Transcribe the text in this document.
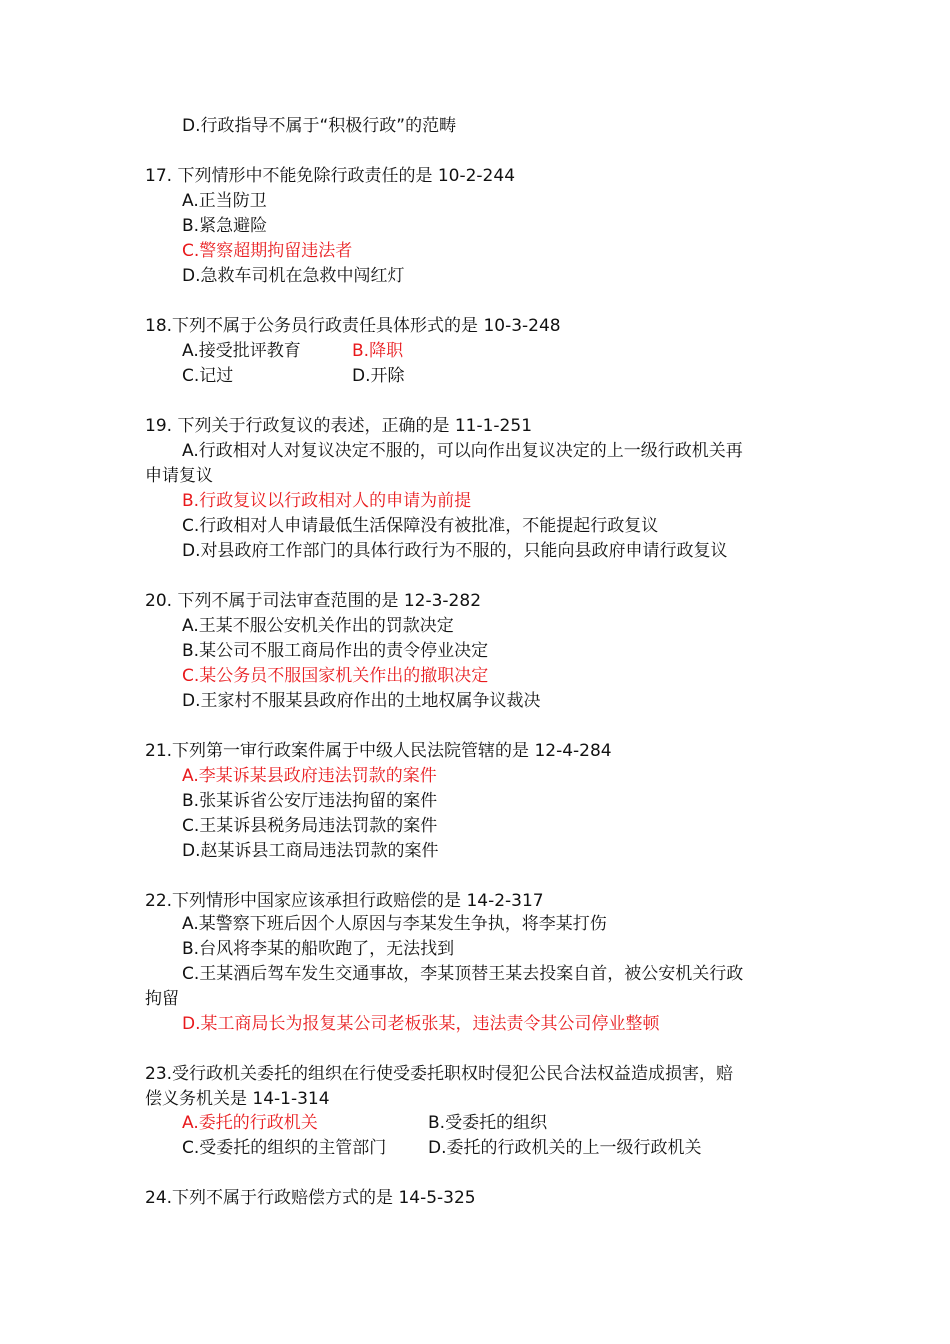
D.行政指导不属于“积极行政”的范畴
17. 下列情形中不能免除行政责任的是 10-2-244
A.正当防卫
B.紧急避险
C.警察超期拘留违法者
D.急救车司机在急救中闯红灯
18.下列不属于公务员行政责任具体形式的是 10-3-248
A.接受批评教育	B.降职
C.记过	D.开除
19. 下列关于行政复议的表述，正确的是 11-1-251
A.行政相对人对复议决定不服的，可以向作出复议决定的上一级行政机关再
申请复议
B.行政复议以行政相对人的申请为前提
C.行政相对人申请最低生活保障没有被批准，不能提起行政复议
D.对县政府工作部门的具体行政行为不服的，只能向县政府申请行政复议
20. 下列不属于司法审查范围的是 12-3-282
A.王某不服公安机关作出的罚款决定
B.某公司不服工商局作出的责令停业决定
C.某公务员不服国家机关作出的撤职决定
D.王家村不服某县政府作出的土地权属争议裁决
21.下列第一审行政案件属于中级人民法院管辖的是 12-4-284
A.李某诉某县政府违法罚款的案件
B.张某诉省公安厅违法拘留的案件
C.王某诉县税务局违法罚款的案件
D.赵某诉县工商局违法罚款的案件
22.下列情形中国家应该承担行政赔偿的是 14-2-317
A.某警察下班后因个人原因与李某发生争执，将李某打伤
B.台风将李某的船吹跑了，无法找到
C.王某酒后驾车发生交通事故，李某顶替王某去投案自首，被公安机关行政
拘留
D.某工商局长为报复某公司老板张某，违法责令其公司停业整顿
23.受行政机关委托的组织在行使受委托职权时侵犯公民合法权益造成损害，赔
偿义务机关是 14-1-314
A.委托的行政机关	B.受委托的组织
C.受委托的组织的主管部门 D.委托的行政机关的上一级行政机关
24.下列不属于行政赔偿方式的是 14-5-325
